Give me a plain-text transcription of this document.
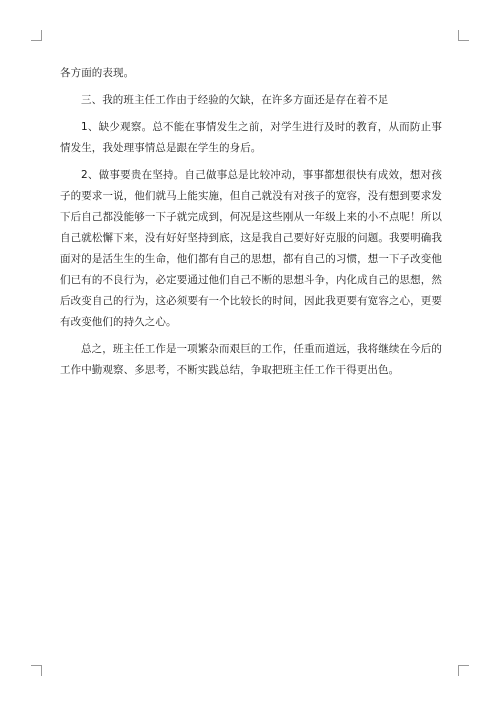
各方面的表现。

三、我的班主任工作由于经验的欠缺，在许多方面还是存在着不足

1、缺少观察。总不能在事情发生之前，对学生进行及时的教育，从而防止事情发生，我处理事情总是跟在学生的身后。

2、做事要贵在坚持。自己做事总是比较冲动，事事都想很快有成效，想对孩子的要求一说，他们就马上能实施，但自己就没有对孩子的宽容，没有想到要求发下后自己都没能够一下子就完成到，何况是这些刚从一年级上来的小不点呢！所以自己就松懈下来，没有好好坚持到底，这是我自己要好好克服的问题。我要明确我面对的是活生生的生命，他们都有自己的思想，都有自己的习惯，想一下子改变他们已有的不良行为，必定要通过他们自己不断的思想斗争，内化成自己的思想，然后改变自己的行为，这必须要有一个比较长的时间，因此我更要有宽容之心，更要有改变他们的持久之心。

总之，班主任工作是一项繁杂而艰巨的工作，任重而道远，我将继续在今后的工作中勤观察、多思考，不断实践总结，争取把班主任工作干得更出色。
